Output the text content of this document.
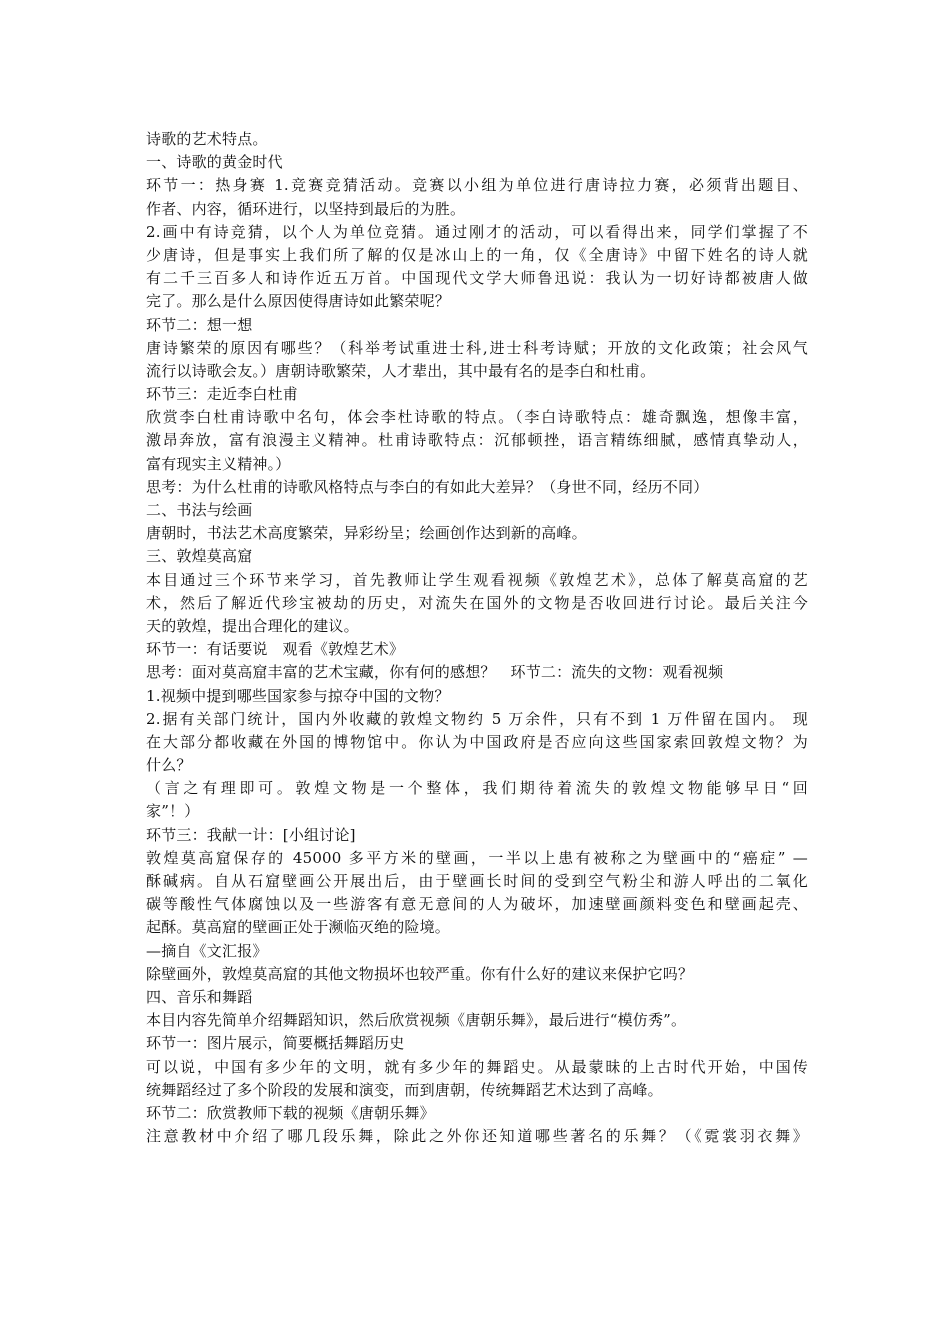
诗歌的艺术特点。
一、诗歌的黄金时代
环节一：热身赛 1.竞赛竞猜活动。竞赛以小组为单位进行唐诗拉力赛，必须背出题目、
作者、内容，循环进行，以坚持到最后的为胜。
2.画中有诗竞猜，以个人为单位竞猜。通过刚才的活动，可以看得出来，同学们掌握了不
少唐诗，但是事实上我们所了解的仅是冰山上的一角，仅《全唐诗》中留下姓名的诗人就
有二千三百多人和诗作近五万首。中国现代文学大师鲁迅说：我认为一切好诗都被唐人做
完了。那么是什么原因使得唐诗如此繁荣呢？
环节二：想一想
唐诗繁荣的原因有哪些？（科举考试重进士科,进士科考诗赋；开放的文化政策；社会风气
流行以诗歌会友。）唐朝诗歌繁荣，人才辈出，其中最有名的是李白和杜甫。
环节三：走近李白杜甫
欣赏李白杜甫诗歌中名句，体会李杜诗歌的特点。（李白诗歌特点：雄奇飘逸，想像丰富，
激昂奔放，富有浪漫主义精神。杜甫诗歌特点：沉郁顿挫，语言精练细腻，感情真挚动人，
富有现实主义精神。）
思考：为什么杜甫的诗歌风格特点与李白的有如此大差异？（身世不同，经历不同）
二、书法与绘画
唐朝时，书法艺术高度繁荣，异彩纷呈；绘画创作达到新的高峰。
三、敦煌莫高窟
本目通过三个环节来学习，首先教师让学生观看视频《敦煌艺术》，总体了解莫高窟的艺
术，然后了解近代珍宝被劫的历史，对流失在国外的文物是否收回进行讨论。最后关注今
天的敦煌，提出合理化的建议。
环节一：有话要说   观看《敦煌艺术》
思考：面对莫高窟丰富的艺术宝藏，你有何的感想？   环节二：流失的文物：观看视频
1.视频中提到哪些国家参与掠夺中国的文物？
2.据有关部门统计，国内外收藏的敦煌文物约 5 万余件，只有不到 1 万件留在国内。 现
在大部分都收藏在外国的博物馆中。你认为中国政府是否应向这些国家索回敦煌文物？为
什么？
（言之有理即可。敦煌文物是一个整体，我们期待着流失的敦煌文物能够早日“回
家”！）
环节三：我献一计：[小组讨论]
敦煌莫高窟保存的 45000 多平方米的壁画，一半以上患有被称之为壁画中的“癌症” —
酥碱病。自从石窟壁画公开展出后，由于壁画长时间的受到空气粉尘和游人呼出的二氧化
碳等酸性气体腐蚀以及一些游客有意无意间的人为破坏，加速壁画颜料变色和壁画起壳、
起酥。莫高窟的壁画正处于濒临灭绝的险境。
—摘自《文汇报》
除壁画外，敦煌莫高窟的其他文物损坏也较严重。你有什么好的建议来保护它吗？
四、音乐和舞蹈
本目内容先简单介绍舞蹈知识，然后欣赏视频《唐朝乐舞》，最后进行“模仿秀”。
环节一：图片展示，简要概括舞蹈历史
可以说，中国有多少年的文明，就有多少年的舞蹈史。从最蒙昧的上古时代开始，中国传
统舞蹈经过了多个阶段的发展和演变，而到唐朝，传统舞蹈艺术达到了高峰。
环节二：欣赏教师下载的视频《唐朝乐舞》
注意教材中介绍了哪几段乐舞，除此之外你还知道哪些著名的乐舞？（《霓裳羽衣舞》
